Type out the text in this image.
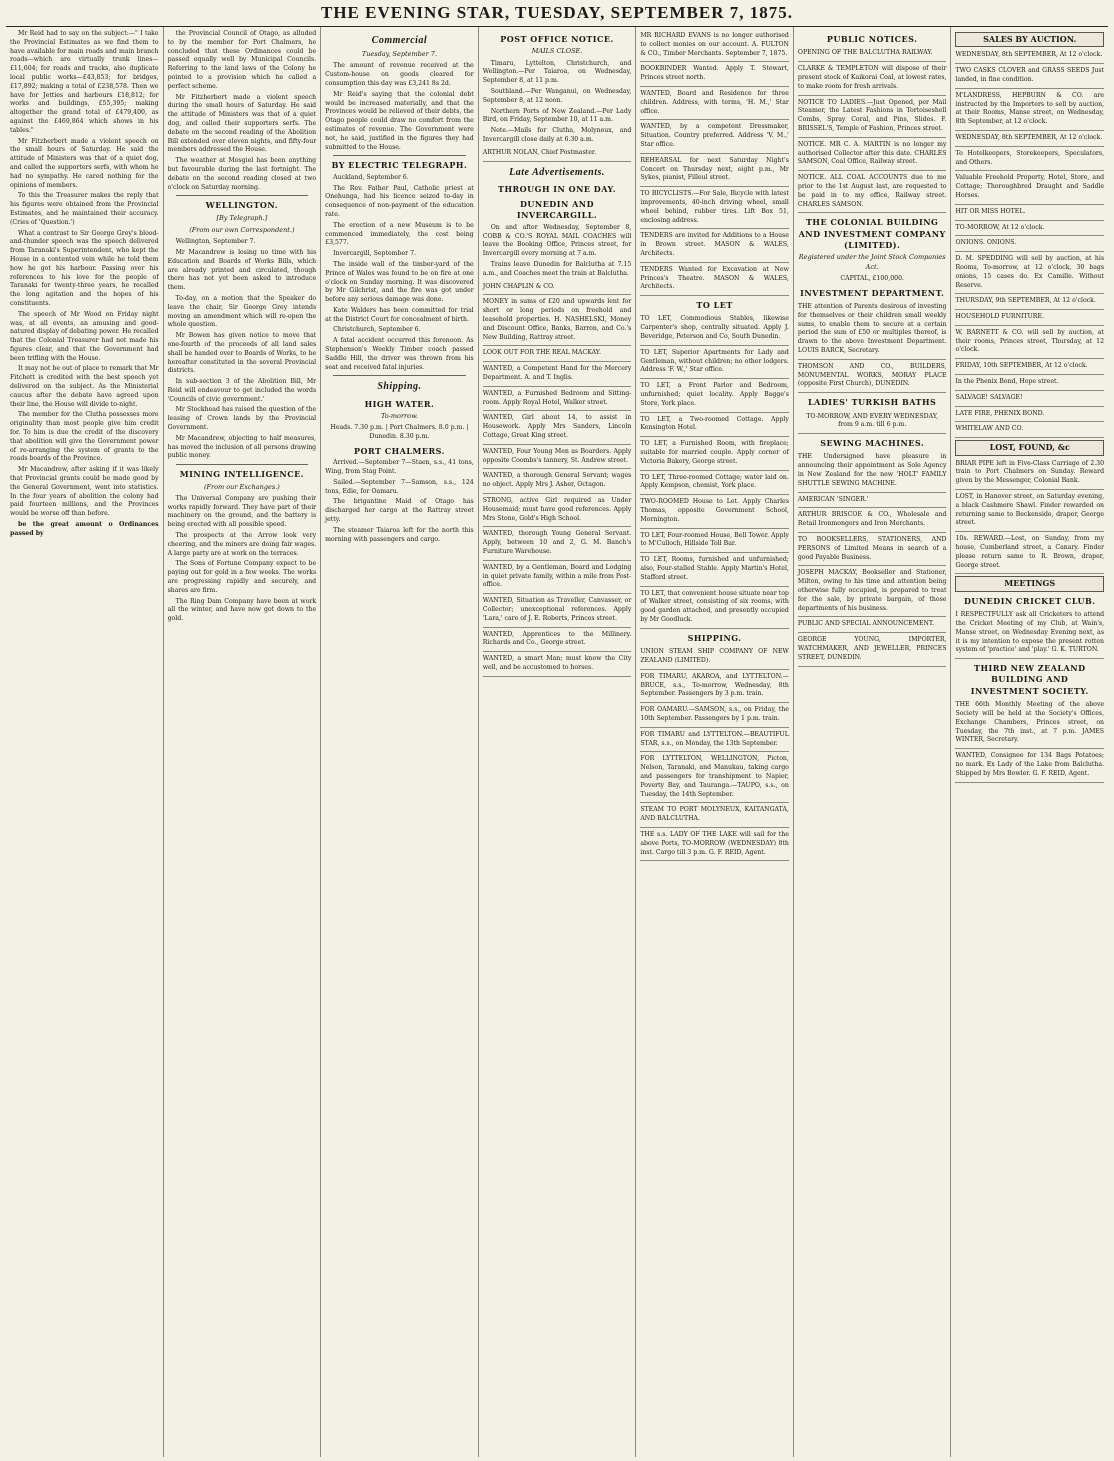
THE EVENING STAR, TUESDAY, SEPTEMBER 7, 1875.

Mr Reid had to say on the subject:—" I take the Provincial Estimates as we find them to have available for main roads and main branch roads—which are virtually trunk lines—£11,604; for roads and tracks, also duplicate local public works—£43,853; for bridges, £17,892; making a total of £238,578. Then we have for Jetties and harbours £18,812; for works and buildings, £55,395; making altogether the grand total of £479,400, as against the £469,864 which shows in his tables."

Mr Fitzherbert made a violent speech on the small hours of Saturday. He said the attitude of Ministers was that of a quiet dog, and called the supporters serfs, with whom he had no sympathy. He cared nothing for the opinions of members.

To this the Treasurer makes the reply that his figures were obtained from the Provincial Estimates, and he maintained their accuracy. (Cries of 'Question.')

What a contrast to Sir George Grey's blood-and-thunder speech was the speech delivered from Taranaki's Superintendent, who kept the House in a contented vein while he told them how he got his harbour. Passing over his references to his love for the people of Taranaki for twenty-three years, he recalled the long agitation and the hopes of his constituents.

The speech of Mr Wood on Friday night was, at all events, an amusing and good-natured display of debating power. He recalled that the Colonial Treasurer had not made his figures clear, and that the Government had been trifling with the House.

It may not be out of place to remark that Mr Fitchett is credited with the best speech yet delivered on the subject. As the Ministerial caucus after the debate have agreed upon their line, the House will divide to-night.

The member for the Clutha possesses more originality than most people give him credit for. To him is due the credit of the discovery that abolition will give the Government power of re-arranging the system of grants to the roads boards of the Province.

Mr Macandrew, after asking if it was likely that Provincial grants could be made good by the General Government, went into statistics. In the four years of abolition the colony had paid fourteen millions, and the Provinces would be worse off than before.

be the great amount o Ordinances passed by

the Provincial Council of Otago, as alluded to by the member for Port Chalmers, he concluded that these Ordinances could be passed equally well by Municipal Councils. Referring to the land laws of the Colony he pointed to a provision which he called a perfect scheme.

Mr Fitzherbert made a violent speech during the small hours of Saturday. He said the attitude of Ministers was that of a quiet dog, and called their supporters serfs. The debate on the second reading of the Abolition Bill extended over eleven nights, and fifty-four members addressed the House.

The weather at Mosgiel has been anything but favourable during the last fortnight. The debate on the second reading closed at two o'clock on Saturday morning.

WELLINGTON.
[By Telegraph.]
(From our own Correspondent.)

Wellington, September 7.

Mr Macandrew is losing no time with his Education and Boards of Works Bills, which are already printed and circulated, though there has not yet been asked to introduce them.

To-day, on a motion that the Speaker do leave the chair, Sir George Grey intends moving an amendment which will re-open the whole question.

Mr Bowen has given notice to move that one-fourth of the proceeds of all land sales shall be handed over to Boards of Works, to be hereafter constituted in the several Provincial districts.

In sub-section 3 of the Abolition Bill, Mr Reid will endeavour to get included the words 'Councils of civic government.'

Mr Stockhead has raised the question of the leasing of Crown lands by the Provincial Government.

Mr Macandrew, objecting to half measures, has moved the inclusion of all persons drawing public money.

MINING INTELLIGENCE.
(From our Exchanges.)

The Universal Company are pushing their works rapidly forward. They have part of their machinery on the ground, and the battery is being erected with all possible speed.

The prospects at the Arrow look very cheering, and the miners are doing fair wages. A large party are at work on the terraces.

The Sons of Fortune Company expect to be paying out for gold in a few weeks. The works are progressing rapidly and securely, and shares are firm.

The Ring Dam Company have been at work all the winter, and have now got down to the gold.

Commercial
Tuesday, September 7.

The amount of revenue received at the Custom-house on goods cleared for consumption this day was £3,241 8s 2d.

Mr Reid's saying that the colonial debt would be increased materially, and that the Provinces would be relieved of their debts, the Otago people could draw no comfort from the estimates of revenue. The Government were not, he said, justified in the figures they had submitted to the House.

BY ELECTRIC TELEGRAPH.

Auckland, September 6.

The Rev. Father Paul, Catholic priest at Onehunga, had his licence seized to-day in consequence of non-payment of the education rate.

The erection of a new Museum is to be commenced immediately, the cost being £3,577.

Invercargill, September 7.

The inside wall of the timber-yard of the Prince of Wales was found to be on fire at one o'clock on Sunday morning. It was discovered by Mr Gilchrist, and the fire was got under before any serious damage was done.

Kate Walders has been committed for trial at the District Court for concealment of birth.

Christchurch, September 6.

A fatal accident occurred this forenoon. As Stephenson's Weekly Timber coach passed Saddle Hill, the driver was thrown from his seat and received fatal injuries.

Shipping.
HIGH WATER.
To-morrow.
Heads. 7.30 p.m. | Port Chalmers. 8.0 p.m. | Dunedin. 8.30 p.m.
PORT CHALMERS.

Arrived.—September 7—Staen, s.s., 41 tons, Wing, from Stag Point.

Sailed.—September 7—Samson, s.s., 124 tons, Edie, for Oamaru.

The brigantine Maid of Otago has discharged her cargo at the Rattray street jetty.

The steamer Taiaroa left for the north this morning with passengers and cargo.

POST OFFICE NOTICE.
MAILS CLOSE.

Timaru, Lyttelton, Christchurch, and Wellington.—Per Taiaroa, on Wednesday, September 8, at 11 p.m.

Southland.—Per Wanganui, on Wednesday, September 8, at 12 noon.

Northern Ports of New Zealand.—Per Lady Bird, on Friday, September 10, at 11 a.m.

Note.—Mails for Clutha, Molyneux, and Invercargill close daily at 6.30 a.m.

ARTHUR NOLAN, Chief Postmaster.
Late Advertisements.
THROUGH IN ONE DAY.
DUNEDIN AND INVERCARGILL.

On and after Wednesday, September 8, COBB & CO.'S ROYAL MAIL COACHES will leave the Booking Office, Princes street, for Invercargill every morning at 7 a.m.

Trains leave Dunedin for Balclutha at 7.15 a.m., and Coaches meet the train at Balclutha.

JOHN CHAPLIN & CO.
MONEY in sums of £20 and upwards lent for short or long periods on freehold and leasehold properties. H. NASHELSKI, Money and Discount Office, Banks, Barron, and Co.'s New Building, Rattray street.
LOOK OUT FOR THE REAL MACKAY.
WANTED, a Competent Hand for the Mercery Department. A. and T. Inglis.
WANTED, a Furnished Bedroom and Sitting-room. Apply Royal Hotel, Walker street.
WANTED, Girl about 14, to assist in Housework. Apply Mrs Sanders, Lincoln Cottage, Great King street.
WANTED, Four Young Men as Boarders. Apply opposite Coombs's tannery, St. Andrew street.
WANTED, a thorough General Servant; wages no object. Apply Mrs J. Asher, Octagon.
STRONG, active Girl required as Under Housemaid; must have good references. Apply Mrs Stone, Gold's High School.
WANTED, thorough Young General Servant. Apply, between 10 and 2, G. M. Banch's Furniture Warehouse.
WANTED, by a Gentleman, Board and Lodging in quiet private family, within a mile from Post-office.
WANTED, Situation as Traveller, Canvasser, or Collector; unexceptional references. Apply 'Lara,' care of J. E. Roberts, Princes street.
WANTED, Apprentices to the Millinery. Richards and Co., George street.
WANTED, a smart Man; must know the City well, and be accustomed to horses.
MR RICHARD EVANS is no longer authorised to collect monies on our account. A. FULTON & CO., Timber Merchants. September 7, 1875.
BOOKBINDER Wanted. Apply T. Stewart, Princes street north.
WANTED, Board and Residence for three children. Address, with terms, 'H. M.,' Star office.
WANTED, by a competent Dressmaker, Situation. Country preferred. Address 'V. M.,' Star office.
REHEARSAL for next Saturday Night's Concert on Thursday next, eight p.m., Mr Sykes, pianist, Filleul street.
TO BICYCLISTS.—For Sale, Bicycle with latest improvements, 40-inch driving wheel, small wheel behind, rubber tires. Lift Box 51, enclosing address.
TENDERS are invited for Additions to a House in Brown street. MASON & WALES, Architects.
TENDERS Wanted for Excavation at New Princes's Theatre. MASON & WALES, Architects.
TO LET
TO LET, Commodious Stables, likewise Carpenter's shop, centrally situated. Apply J. Beveridge, Peterson and Co, South Dunedin.
TO LET, Superior Apartments for Lady and Gentleman, without children; no other lodgers. Address 'F. W.,' Star office.
TO LET, a Front Parlor and Bedroom, unfurnished; quiet locality. Apply Bagge's Store, York place.
TO LET, a Two-roomed Cottage. Apply Kensington Hotel.
TO LET, a Furnished Room, with fireplace; suitable for married couple. Apply corner of Victoria Bakery, George street.
TO LET, Three-roomed Cottage; water laid on. Apply Kempson, chemist, York place.
TWO-ROOMED House to Let. Apply Charles Thomas, opposite Government School, Mornington.
TO LET, Four-roomed House, Bell Tower. Apply to M'Culloch, Hillside Toll Bar.
TO LET, Rooms, furnished and unfurnished; also, Four-stalled Stable. Apply Martin's Hotel, Stafford street.
TO LET, that convenient house situate near top of Walker street, consisting of six rooms, with good garden attached, and presently occupied by Mr Goodluck.
SHIPPING.
UNION STEAM SHIP COMPANY OF NEW ZEALAND (LIMITED).
FOR TIMARU, AKAROA, and LYTTELTON.—BRUCE, s.s., To-morrow, Wednesday, 8th September. Passengers by 3 p.m. train.
FOR OAMARU.—SAMSON, s.s., on Friday, the 10th September. Passengers by 1 p.m. train.
FOR TIMARU and LYTTELTON.—BEAUTIFUL STAR, s.s., on Monday, the 13th September.
FOR LYTTELTON, WELLINGTON, Picton, Nelson, Taranaki, and Manukau, taking cargo and passengers for transhipment to Napier, Poverty Bay, and Tauranga.—TAUPO, s.s., on Tuesday, the 14th September.
STEAM TO PORT MOLYNEUX, KAITANGATA, AND BALCLUTHA.
THE s.s. LADY OF THE LAKE will sail for the above Ports, TO-MORROW (WEDNESDAY) 8th inst. Cargo till 3 p.m. G. F. REID, Agent.
PUBLIC NOTICES.
OPENING OF THE BALCLUTHA RAILWAY.
CLARKE & TEMPLETON will dispose of their present stock of Kaikorai Coal, at lowest rates, to make room for fresh arrivals.
NOTICE TO LADIES.—Just Opened, per Mail Steamer, the Latest Fashions in Tortoiseshell Combs, Spray Coral, and Pins, Slides. F. BRISSEL'S, Temple of Fashion, Princes street.
NOTICE. MR C. A. MARTIN is no longer my authorised Collector after this date. CHARLES SAMSON, Coal Office, Railway street.
NOTICE. ALL COAL ACCOUNTS due to me prior to the 1st August last, are requested to be paid in to my office, Railway street. CHARLES SAMSON.
THE COLONIAL BUILDING AND INVESTMENT COMPANY (LIMITED).
Registered under the Joint Stock Companies Act.
CAPITAL, £100,000.
INVESTMENT DEPARTMENT.
THE attention of Parents desirous of investing for themselves or their children small weekly sums, to enable them to secure at a certain period the sum of £50 or multiples thereof, is drawn to the above Investment Department. LOUIS BARCK, Secretary.
THOMSON AND CO., BUILDERS, MONUMENTAL WORKS, MORAY PLACE (opposite First Church), DUNEDIN.
LADIES' TURKISH BATHS
TO-MORROW, AND EVERY WEDNESDAY, from 9 a.m. till 6 p.m.
SEWING MACHINES.
THE Undersigned have pleasure in announcing their appointment as Sole Agency in New Zealand for the new 'HOLT' FAMILY SHUTTLE SEWING MACHINE.
AMERICAN 'SINGER.'
ARTHUR BRISCOE & CO., Wholesale and Retail Ironmongers and Iron Merchants.
TO BOOKSELLERS, STATIONERS, AND PERSONS of Limited Means in search of a good Payable Business.
JOSEPH MACKAY, Bookseller and Stationer, Milton, owing to his time and attention being otherwise fully occupied, is prepared to treat for the sale, by private bargain, of those departments of his business.
PUBLIC AND SPECIAL ANNOUNCEMENT.
GEORGE YOUNG, IMPORTER, WATCHMAKER, AND JEWELLER, PRINCES STREET, DUNEDIN.
SALES BY AUCTION.
WEDNESDAY, 8th SEPTEMBER, At 12 o'clock.
TWO CASKS CLOVER and GRASS SEEDS Just landed, in fine condition.
M'LANDRESS, HEPBURN & CO. are instructed by the Importers to sell by auction, at their Rooms, Manse street, on Wednesday, 8th September, at 12 o'clock.
WEDNESDAY, 8th SEPTEMBER, At 12 o'clock.
To Hotelkeepers, Storekeepers, Speculators, and Others.
Valuable Freehold Property, Hotel, Store, and Cottage; Thoroughbred Draught and Saddle Horses.
HIT OR MISS HOTEL.
TO-MORROW, At 12 o'clock.
ONIONS. ONIONS.
D. M. SPEDDING will sell by auction, at his Rooms, To-morrow, at 12 o'clock, 30 bags onions, 15 cases do. Ex Camille. Without Reserve.
THURSDAY, 9th SEPTEMBER, At 12 o'clock.
HOUSEHOLD FURNITURE.
W. BARNETT & CO. will sell by auction, at their rooms, Princes street, Thursday, at 12 o'clock.
FRIDAY, 10th SEPTEMBER, At 12 o'clock.
In the Phenix Bond, Hope street.
SALVAGE! SALVAGE!
LATE FIRE, PHENIX BOND.
WHITELAW AND CO.
LOST, FOUND, &c
BRIAR PIPE left in Five-Class Carriage of 2.30 train to Port Chalmers on Sunday. Reward given by the Messenger, Colonial Bank.
LOST, in Hanover street, on Saturday evening, a black Cashmere Shawl. Finder rewarded on returning same to Beckenside, draper, George street.
10s. REWARD.—Lost, on Sunday, from my house, Cumberland street, a Canary. Finder please return same to R. Brown, draper, George street.
MEETINGS
DUNEDIN CRICKET CLUB.
I RESPECTFULLY ask all Cricketers to attend the Cricket Meeting of my Club, at Wain's, Manse street, on Wednesday Evening next, as it is my intention to expose the present rotten system of 'practice' and 'play.' G. K. TURTON.
THIRD NEW ZEALAND BUILDING AND INVESTMENT SOCIETY.
THE 66th Monthly Meeting of the above Society will be held at the Society's Offices, Exchange Chambers, Princes street, on Tuesday, the 7th inst., at 7 p.m. JAMES WINTER, Secretary.
WANTED, Consignee for 134 Bags Potatoes; no mark. Ex Lady of the Lake from Balclutha. Shipped by Mrs Bowler. G. F. REID, Agent.
